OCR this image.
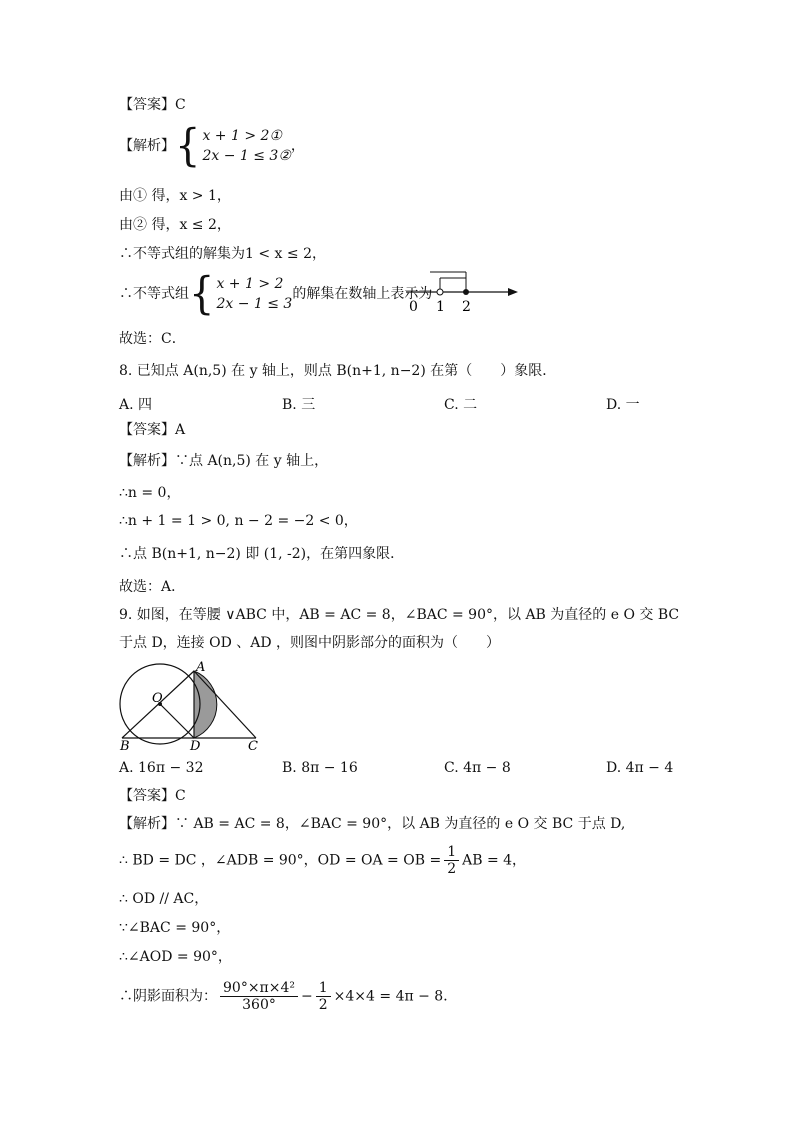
【答案】C
【解析】{ x + 1 > 2①
2x − 1 ≤ 3②
，
由① 得，x > 1，
由② 得，x ≤ 2，
∴不等式组的解集为1 < x ≤ 2，
∴不等式组{ x + 1 > 2
2x − 1 ≤ 3
的解集在数轴上表示为
0 1 2
故选：C．
8. 已知点 A(n,5) 在 y 轴上，则点 B(n+1, n−2) 在第（　　）象限．
A. 四	B. 三	C. 二	D. 一
【答案】A
【解析】∵点 A(n,5) 在 y 轴上，
∴n = 0，
∴n + 1 = 1 > 0, n − 2 = −2 < 0，
∴点 B(n+1, n−2) 即 (1, -2)，在第四象限．
故选：A．
9. 如图，在等腰 ∨ABC 中，AB = AC = 8，∠BAC = 90°，以 AB 为直径的 e O 交 BC
于点 D，连接 OD 、AD ，则图中阴影部分的面积为（　　）
A
O
B	D	C
A. 16π − 32	B. 8π − 16	C. 4π − 8	D. 4π − 4
【答案】C
【解析】∵ AB = AC = 8，∠BAC = 90°，以 AB 为直径的 e O 交 BC 于点 D,
∴ BD = DC ，∠ADB = 90°，OD = OA = OB = $\frac{1}{2}$ AB = 4，
∴ OD // AC，
∵∠BAC = 90°，
∴∠AOD = 90°，
∴阴影面积为： $\frac{\text{90°×π×4²}}{360^\circ} - \frac{1}{2} \times 4\times 4 = 4\pi - 8$．
